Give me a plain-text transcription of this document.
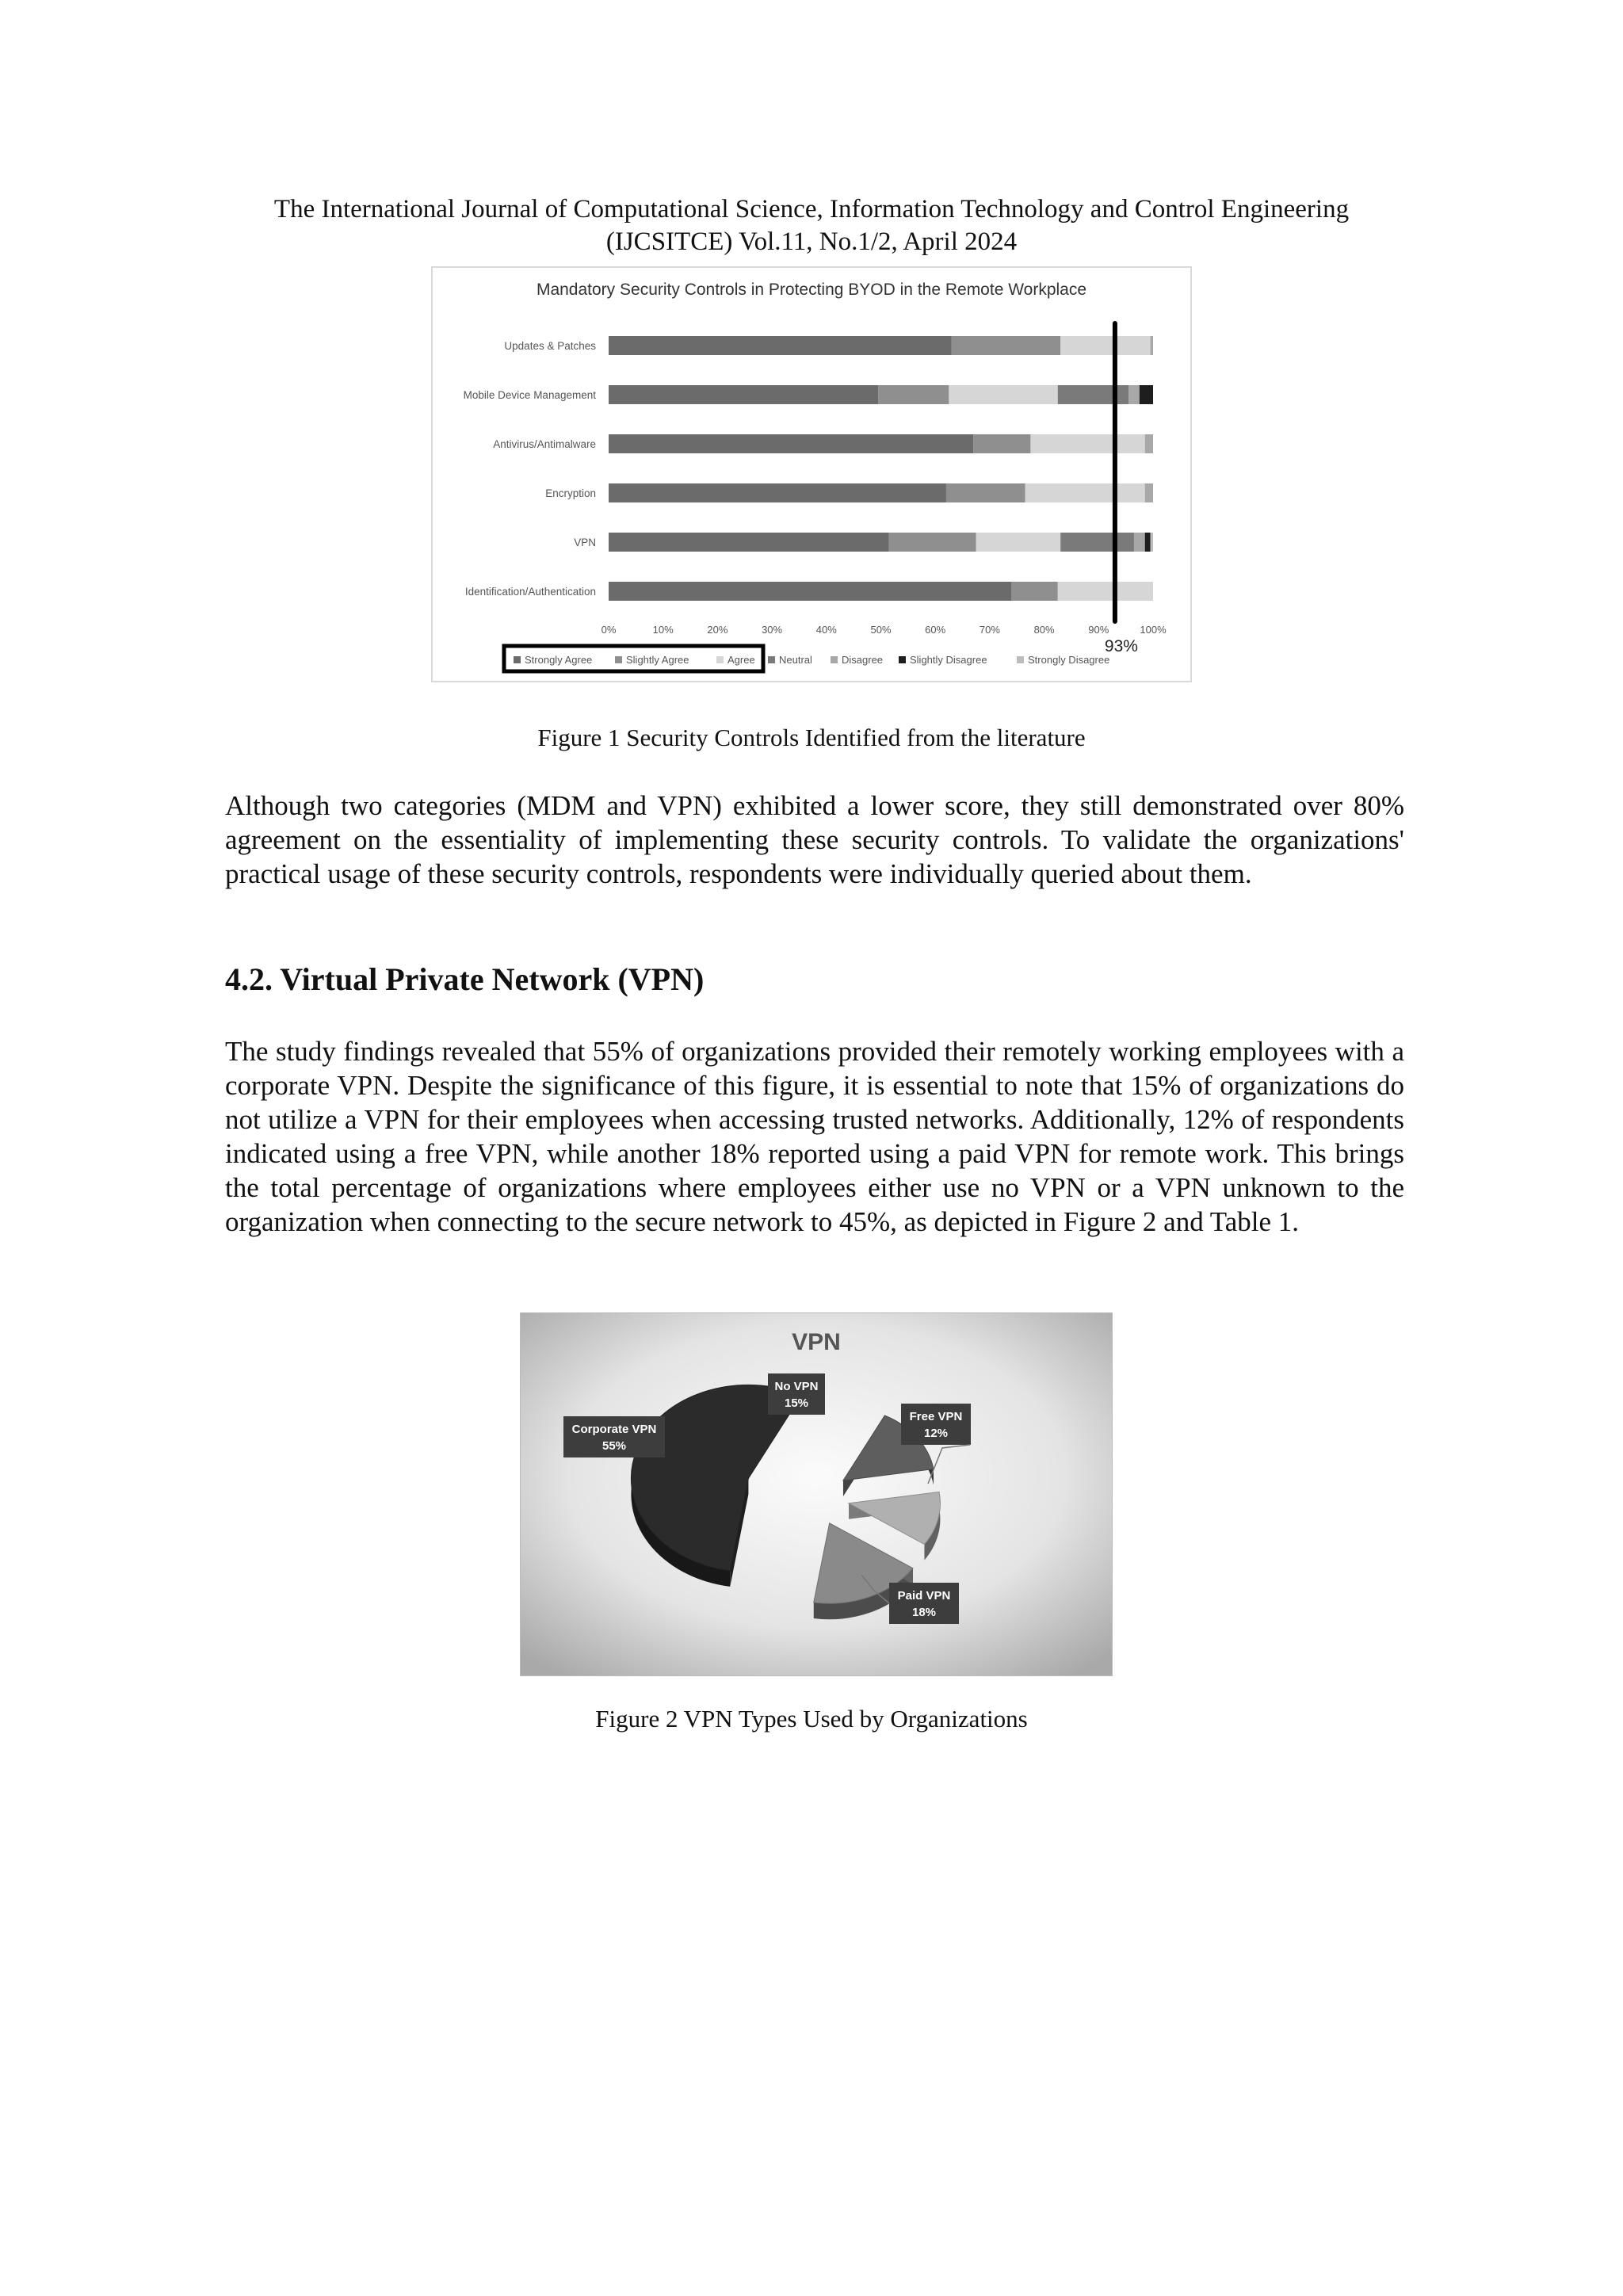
The International Journal of Computational Science, Information Technology and Control Engineering
(IJCSITCE) Vol.11, No.1/2, April 2024
Mandatory Security Controls in Protecting BYOD in the Remote Workplace
Updates & Patches
Mobile Device Management
Antivirus/Antimalware
Encryption
VPN
Identification/Authentication
0%	10%	20%	30%	40%	50%	60%	70%	80%	90%	100%
93%
Strongly Agree	Slightly Agree	Agree Neutral	Disagree	Slightly Disagree	Strongly Disagree
Figure 1 Security Controls Identified from the literature

Although two categories (MDM and VPN) exhibited a lower score, they still demonstrated over 80% agreement on the essentiality of implementing these security controls. To validate the organizations' practical usage of these security controls, respondents were individually queried about them.

4.2. Virtual Private Network (VPN)

The study findings revealed that 55% of organizations provided their remotely working employees with a corporate VPN. Despite the significance of this figure, it is essential to note that 15% of organizations do not utilize a VPN for their employees when accessing trusted networks. Additionally, 12% of respondents indicated using a free VPN, while another 18% reported using a paid VPN for remote work. This brings the total percentage of organizations where employees either use no VPN or a VPN unknown to the organization when connecting to the secure network to 45%, as depicted in Figure 2 and Table 1.

VPN
Corporate VPN
55%
No VPN
15%
Free VPN
12%
Paid VPN
18%
Figure 2 VPN Types Used by Organizations
